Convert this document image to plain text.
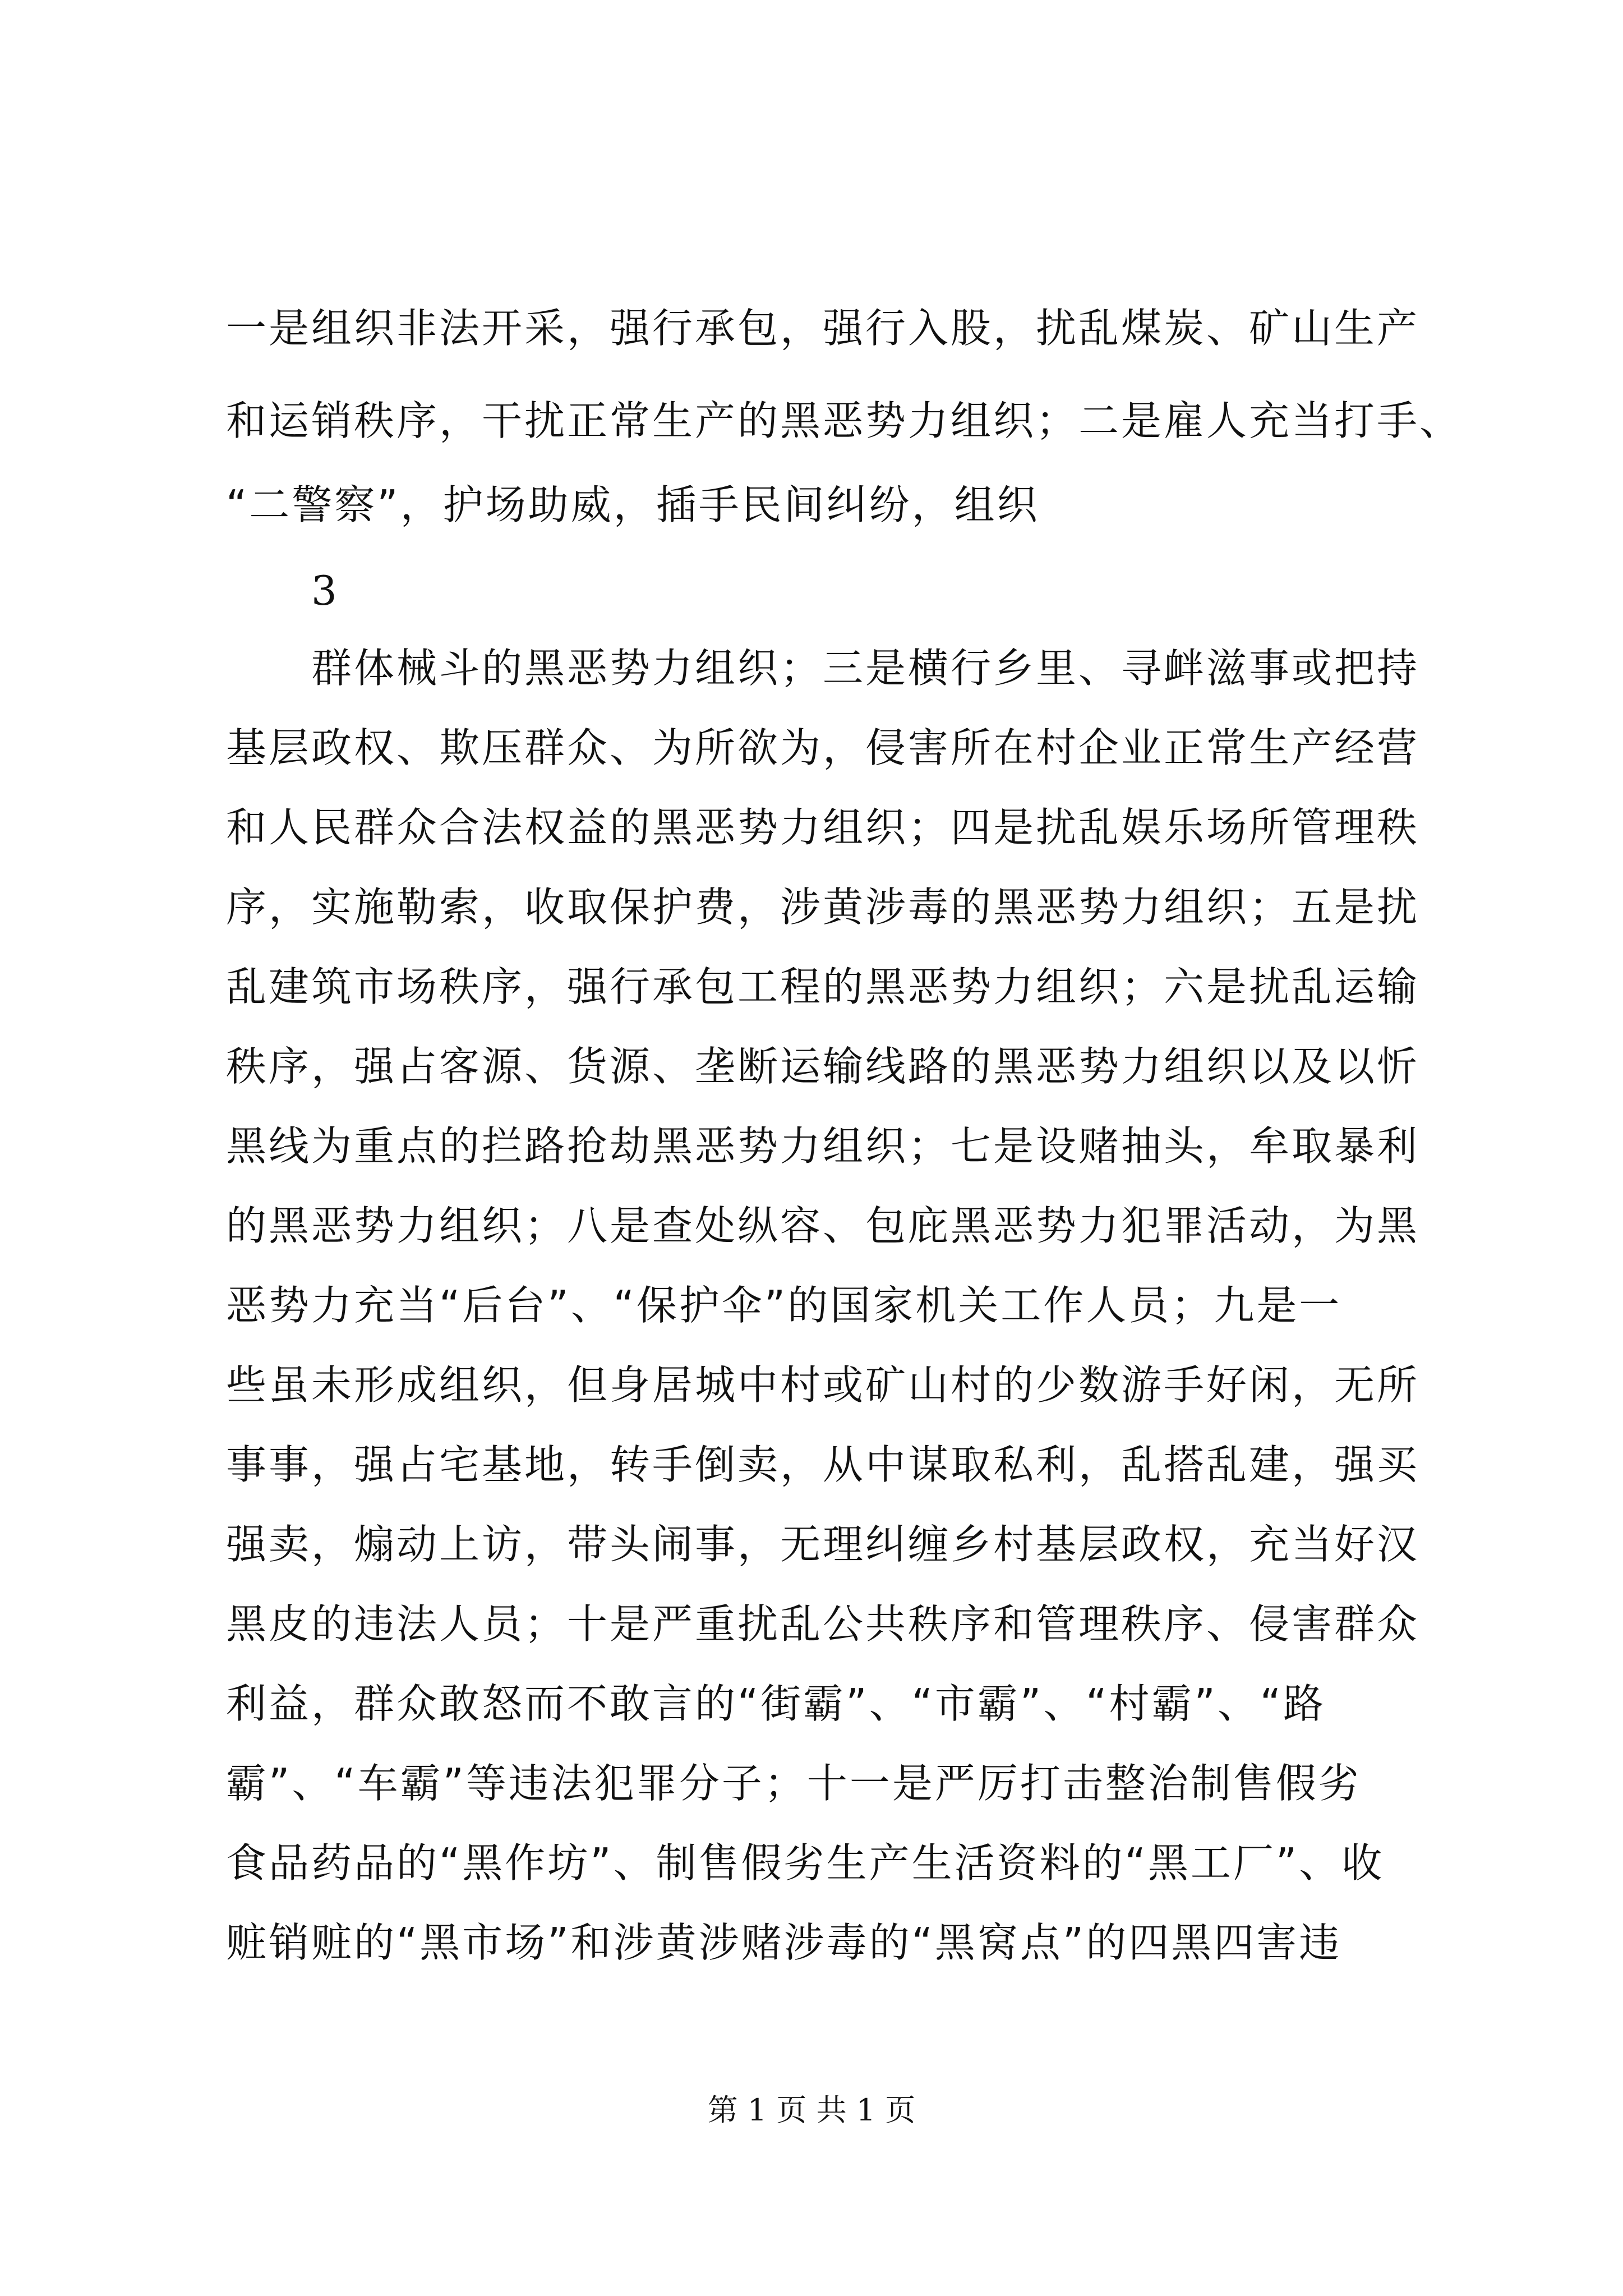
一是组织非法开采，强行承包，强行入股，扰乱煤炭、矿山生产
和运销秩序，干扰正常生产的黑恶势力组织；二是雇人充当打手、
“二警察”，护场助威，插手民间纠纷，组织
3
群体械斗的黑恶势力组织；三是横行乡里、寻衅滋事或把持
基层政权、欺压群众、为所欲为，侵害所在村企业正常生产经营
和人民群众合法权益的黑恶势力组织；四是扰乱娱乐场所管理秩
序，实施勒索，收取保护费，涉黄涉毒的黑恶势力组织；五是扰
乱建筑市场秩序，强行承包工程的黑恶势力组织；六是扰乱运输
秩序，强占客源、货源、垄断运输线路的黑恶势力组织以及以忻
黑线为重点的拦路抢劫黑恶势力组织；七是设赌抽头，牟取暴利
的黑恶势力组织；八是查处纵容、包庇黑恶势力犯罪活动，为黑
恶势力充当“后台”、“保护伞”的国家机关工作人员；九是一
些虽未形成组织，但身居城中村或矿山村的少数游手好闲，无所
事事，强占宅基地，转手倒卖，从中谋取私利，乱搭乱建，强买
强卖，煽动上访，带头闹事，无理纠缠乡村基层政权，充当好汉
黑皮的违法人员；十是严重扰乱公共秩序和管理秩序、侵害群众
利益，群众敢怒而不敢言的“街霸”、“市霸”、“村霸”、“路
霸”、“车霸”等违法犯罪分子；十一是严厉打击整治制售假劣
食品药品的“黑作坊”、制售假劣生产生活资料的“黑工厂”、收
赃销赃的“黑市场”和涉黄涉赌涉毒的“黑窝点”的四黑四害违
第 1 页 共 1 页
